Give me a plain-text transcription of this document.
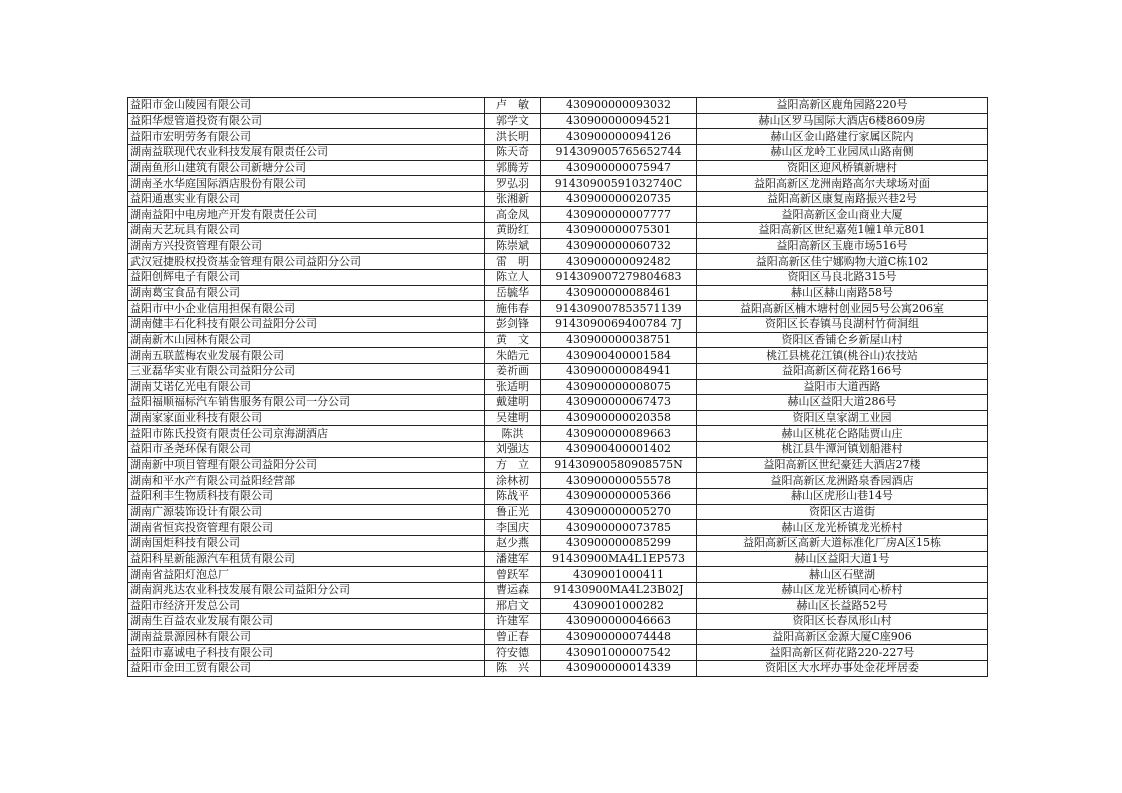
益阳市金山陵园有限公司	卢　敏	430900000093032	益阳高新区鹿角园路220号
益阳华煜管道投资有限公司	郭学文	430900000094521	赫山区罗马国际大酒店6楼8609房
益阳市宏明劳务有限公司	洪长明	430900000094126	赫山区金山路建行家属区院内
湖南益联现代农业科技发展有限责任公司	陈天奇	914309005765652744	赫山区龙岭工业园凤山路南侧
湖南鱼形山建筑有限公司新塘分公司	郭腾芳	430900000075947	资阳区迎风桥镇新塘村
湖南圣水华庭国际酒店股份有限公司	罗弘羽	91430900591032740C	益阳高新区龙洲南路高尔夫球场对面
益阳通惠实业有限公司	张湘新	430900000020735	益阳高新区康复南路振兴巷2号
湖南益阳中电房地产开发有限责任公司	高金凤	430900000007777	益阳高新区金山商业大厦
湖南天艺玩具有限公司	黄盼红	430900000075301	益阳高新区世纪嘉苑1幢1单元801
湖南方兴投资管理有限公司	陈崇斌	430900000060732	益阳高新区玉鹿市场516号
武汉冠捷股权投资基金管理有限公司益阳分公司	雷　明	430900000092482	益阳高新区佳宁娜购物大道C栋102
益阳创辉电子有限公司	陈立人	914309007279804683	资阳区马良北路315号
湖南葛宝食品有限公司	岳毓华	430900000088461	赫山区赫山南路58号
益阳市中小企业信用担保有限公司	施伟春	914309007853571139	益阳高新区楠木塘村创业园5号公寓206室
湖南健丰石化科技有限公司益阳分公司	彭剑锋	9143090069400784 7J	资阳区长春镇马良湖村竹荷洞组
湖南新木山园林有限公司	黄　文	430900000038751	资阳区香铺仑乡新屋山村
湖南五联蓝梅农业发展有限公司	朱皓元	430900400001584	桃江县桃花江镇(桃谷山)农技站
三亚磊华实业有限公司益阳分公司	姜祈画	430900000084941	益阳高新区荷花路166号
湖南艾诺亿光电有限公司	张适明	430900000008075	益阳市大道西路
益阳福顺福标汽车销售服务有限公司一分公司	戴建明	430900000067473	赫山区益阳大道286号
湖南家家面业科技有限公司	吴建明	430900000020358	资阳区皇家湖工业园
益阳市陈氏投资有限责任公司京海湖酒店	陈洪	430900000089663	赫山区桃花仑路陆贾山庄
益阳市圣尧环保有限公司	刘强达	430900400001402	桃江县牛潭河镇划船港村
湖南新中项目管理有限公司益阳分公司	方　立	91430900580908575N	益阳高新区世纪豪廷大酒店27楼
湖南和平水产有限公司益阳经营部	涂林初	430900000055578	益阳高新区龙洲路泉香园酒店
益阳利丰生物质科技有限公司	陈战平	430900000005366	赫山区虎形山巷14号
湖南广源装饰设计有限公司	鲁正光	430900000005270	资阳区古道街
湖南省恒宾投资管理有限公司	李国庆	430900000073785	赫山区龙光桥镇龙光桥村
湖南国炬科技有限公司	赵少燕	430900000085299	益阳高新区高新大道标准化厂房A区15栋
益阳科星新能源汽车租赁有限公司	潘建军	91430900MA4L1EP573	赫山区益阳大道1号
湖南省益阳灯泡总厂	曾跃军	4309001000411	赫山区石壁湖
湖南润兆达农业科技发展有限公司益阳分公司	曹运森	91430900MA4L23B02J	赫山区龙光桥镇同心桥村
益阳市经济开发总公司	邢启文	4309001000282	赫山区长益路52号
湖南生百益农业发展有限公司	许建军	430900000046663	资阳区长春凤形山村
湖南益景源园林有限公司	曾正春	430900000074448	益阳高新区金源大厦C座906
益阳市嘉诚电子科技有限公司	符安德	430901000007542	益阳高新区荷花路220-227号
益阳市金田工贸有限公司	陈　兴	430900000014339	资阳区大水坪办事处金花坪居委
